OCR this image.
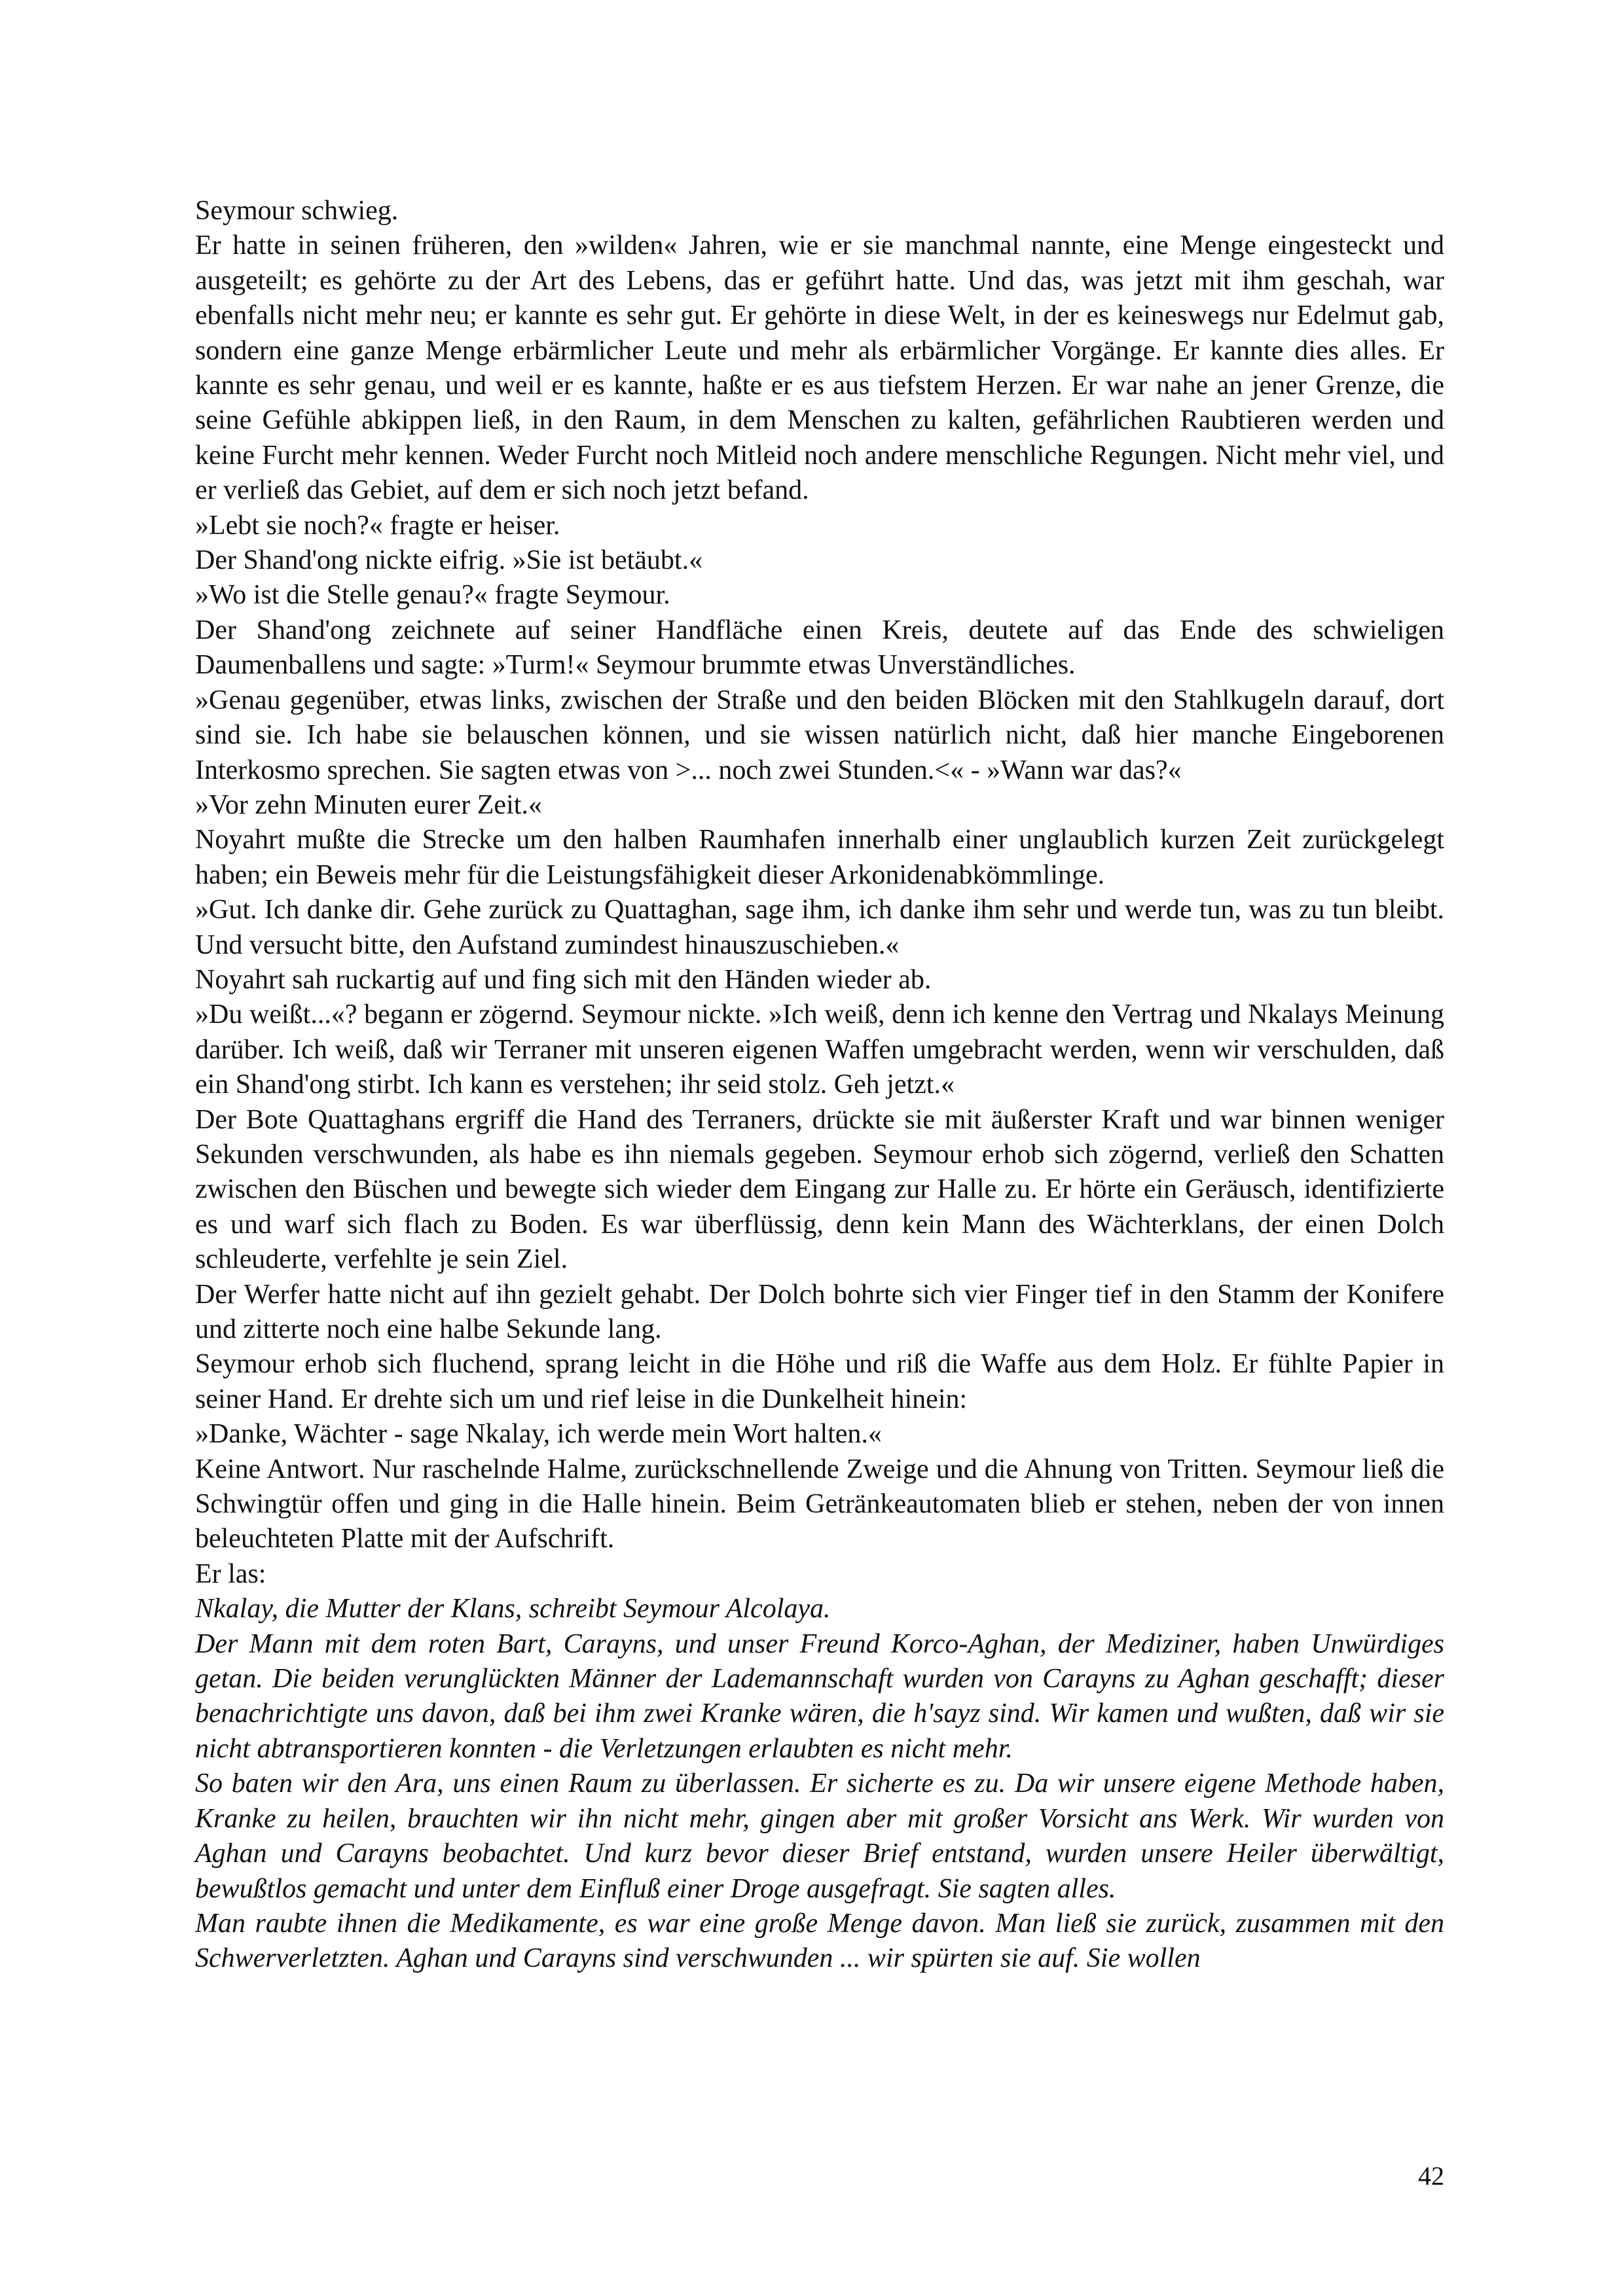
Seymour schwieg.

Er hatte in seinen früheren, den »wilden« Jahren, wie er sie manchmal nannte, eine Menge eingesteckt und ausgeteilt; es gehörte zu der Art des Lebens, das er geführt hatte. Und das, was jetzt mit ihm geschah, war ebenfalls nicht mehr neu; er kannte es sehr gut. Er gehörte in diese Welt, in der es keineswegs nur Edelmut gab, sondern eine ganze Menge erbärmlicher Leute und mehr als erbärmlicher Vorgänge. Er kannte dies alles. Er kannte es sehr genau, und weil er es kannte, haßte er es aus tiefstem Herzen. Er war nahe an jener Grenze, die seine Gefühle abkippen ließ, in den Raum, in dem Menschen zu kalten, gefährlichen Raubtieren werden und keine Furcht mehr kennen. Weder Furcht noch Mitleid noch andere menschliche Regungen. Nicht mehr viel, und er verließ das Gebiet, auf dem er sich noch jetzt befand.

»Lebt sie noch?« fragte er heiser.

Der Shand'ong nickte eifrig. »Sie ist betäubt.«

»Wo ist die Stelle genau?« fragte Seymour.

Der Shand'ong zeichnete auf seiner Handfläche einen Kreis, deutete auf das Ende des schwieligen Daumenballens und sagte: »Turm!« Seymour brummte etwas Unverständliches.

»Genau gegenüber, etwas links, zwischen der Straße und den beiden Blöcken mit den Stahlkugeln darauf, dort sind sie. Ich habe sie belauschen können, und sie wissen natürlich nicht, daß hier manche Eingeborenen Interkosmo sprechen. Sie sagten etwas von >... noch zwei Stunden.<« - »Wann war das?«

»Vor zehn Minuten eurer Zeit.«

Noyahrt mußte die Strecke um den halben Raumhafen innerhalb einer unglaublich kurzen Zeit zurückgelegt haben; ein Beweis mehr für die Leistungsfähigkeit dieser Arkonidenabkömmlinge.

»Gut. Ich danke dir. Gehe zurück zu Quattaghan, sage ihm, ich danke ihm sehr und werde tun, was zu tun bleibt. Und versucht bitte, den Aufstand zumindest hinauszuschieben.«

Noyahrt sah ruckartig auf und fing sich mit den Händen wieder ab.

»Du weißt...«? begann er zögernd. Seymour nickte. »Ich weiß, denn ich kenne den Vertrag und Nkalays Meinung darüber. Ich weiß, daß wir Terraner mit unseren eigenen Waffen umgebracht werden, wenn wir verschulden, daß ein Shand'ong stirbt. Ich kann es verstehen; ihr seid stolz. Geh jetzt.«

Der Bote Quattaghans ergriff die Hand des Terraners, drückte sie mit äußerster Kraft und war binnen weniger Sekunden verschwunden, als habe es ihn niemals gegeben. Seymour erhob sich zögernd, verließ den Schatten zwischen den Büschen und bewegte sich wieder dem Eingang zur Halle zu. Er hörte ein Geräusch, identifizierte es und warf sich flach zu Boden. Es war überflüssig, denn kein Mann des Wächterklans, der einen Dolch schleuderte, verfehlte je sein Ziel.

Der Werfer hatte nicht auf ihn gezielt gehabt. Der Dolch bohrte sich vier Finger tief in den Stamm der Konifere und zitterte noch eine halbe Sekunde lang.

Seymour erhob sich fluchend, sprang leicht in die Höhe und riß die Waffe aus dem Holz. Er fühlte Papier in seiner Hand. Er drehte sich um und rief leise in die Dunkelheit hinein:

»Danke, Wächter - sage Nkalay, ich werde mein Wort halten.«

Keine Antwort. Nur raschelnde Halme, zurückschnellende Zweige und die Ahnung von Tritten. Seymour ließ die Schwingtür offen und ging in die Halle hinein. Beim Getränkeautomaten blieb er stehen, neben der von innen beleuchteten Platte mit der Aufschrift.

Er las:

Nkalay, die Mutter der Klans, schreibt Seymour Alcolaya.

Der Mann mit dem roten Bart, Carayns, und unser Freund Korco-Aghan, der Mediziner, haben Unwürdiges getan. Die beiden verunglückten Männer der Lademannschaft wurden von Carayns zu Aghan geschafft; dieser benachrichtigte uns davon, daß bei ihm zwei Kranke wären, die h'sayz sind. Wir kamen und wußten, daß wir sie nicht abtransportieren konnten - die Verletzungen erlaubten es nicht mehr.

So baten wir den Ara, uns einen Raum zu überlassen. Er sicherte es zu. Da wir unsere eigene Methode haben, Kranke zu heilen, brauchten wir ihn nicht mehr, gingen aber mit großer Vorsicht ans Werk. Wir wurden von Aghan und Carayns beobachtet. Und kurz bevor dieser Brief entstand, wurden unsere Heiler überwältigt, bewußtlos gemacht und unter dem Einfluß einer Droge ausgefragt. Sie sagten alles.

Man raubte ihnen die Medikamente, es war eine große Menge davon. Man ließ sie zurück, zusammen mit den Schwerverletzten. Aghan und Carayns sind verschwunden ... wir spürten sie auf. Sie wollen

42
